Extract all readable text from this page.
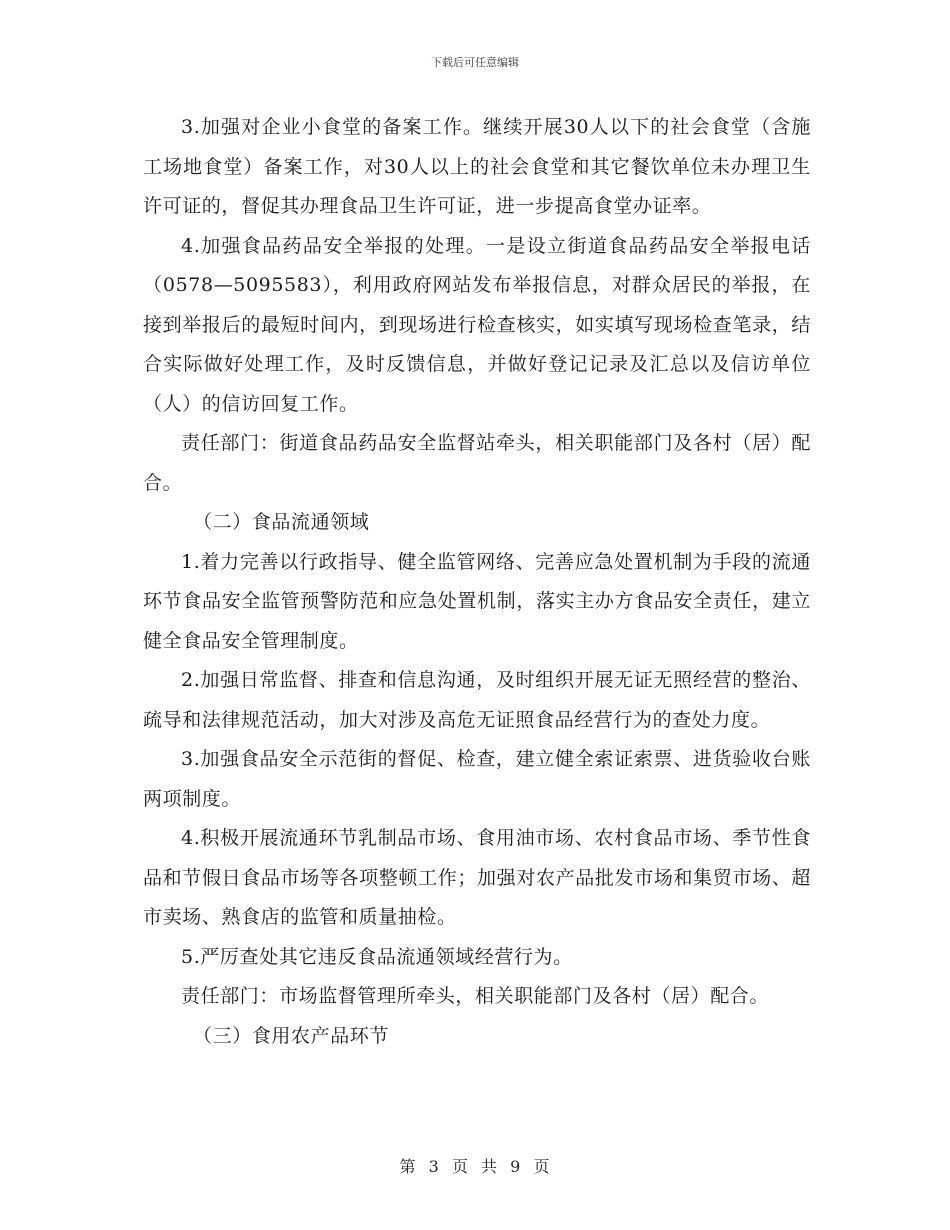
下载后可任意编辑

3.加强对企业小食堂的备案工作。继续开展30人以下的社会食堂（含施工场地食堂）备案工作，对30人以上的社会食堂和其它餐饮单位未办理卫生许可证的，督促其办理食品卫生许可证，进一步提高食堂办证率。

4.加强食品药品安全举报的处理。一是设立街道食品药品安全举报电话（0578—5095583），利用政府网站发布举报信息，对群众居民的举报，在接到举报后的最短时间内，到现场进行检查核实，如实填写现场检查笔录，结合实际做好处理工作，及时反馈信息，并做好登记记录及汇总以及信访单位（人）的信访回复工作。

责任部门：街道食品药品安全监督站牵头，相关职能部门及各村（居）配合。

（二）食品流通领域

1.着力完善以行政指导、健全监管网络、完善应急处置机制为手段的流通环节食品安全监管预警防范和应急处置机制，落实主办方食品安全责任，建立健全食品安全管理制度。

2.加强日常监督、排查和信息沟通，及时组织开展无证无照经营的整治、疏导和法律规范活动，加大对涉及高危无证照食品经营行为的查处力度。

3.加强食品安全示范街的督促、检查，建立健全索证索票、进货验收台账两项制度。

4.积极开展流通环节乳制品市场、食用油市场、农村食品市场、季节性食品和节假日食品市场等各项整顿工作；加强对农产品批发市场和集贸市场、超市卖场、熟食店的监管和质量抽检。

5.严厉查处其它违反食品流通领域经营行为。

责任部门：市场监督管理所牵头，相关职能部门及各村（居）配合。

（三）食用农产品环节

第 3 页 共 9 页
